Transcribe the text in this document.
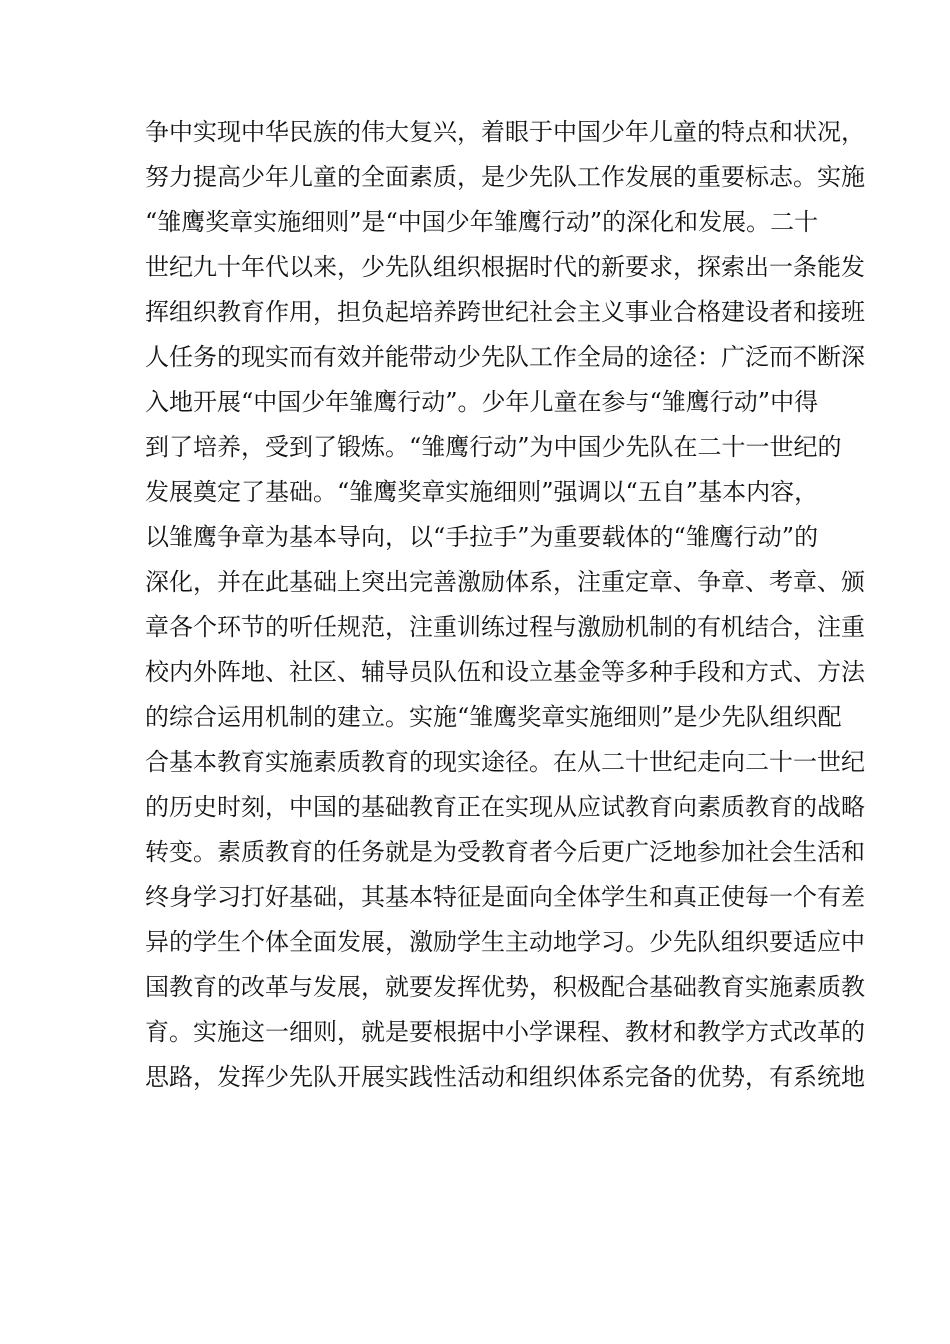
争中实现中华民族的伟大复兴，着眼于中国少年儿童的特点和状况，
努力提高少年儿童的全面素质，是少先队工作发展的重要标志。实施
“雏鹰奖章实施细则”是“中国少年雏鹰行动”的深化和发展。二十
世纪九十年代以来，少先队组织根据时代的新要求，探索出一条能发
挥组织教育作用，担负起培养跨世纪社会主义事业合格建设者和接班
人任务的现实而有效并能带动少先队工作全局的途径：广泛而不断深
入地开展“中国少年雏鹰行动”。少年儿童在参与“雏鹰行动”中得
到了培养，受到了锻炼。“雏鹰行动”为中国少先队在二十一世纪的
发展奠定了基础。“雏鹰奖章实施细则”强调以“五自”基本内容，
以雏鹰争章为基本导向，以“手拉手”为重要载体的“雏鹰行动”的
深化，并在此基础上突出完善激励体系，注重定章、争章、考章、颁
章各个环节的听任规范，注重训练过程与激励机制的有机结合，注重
校内外阵地、社区、辅导员队伍和设立基金等多种手段和方式、方法
的综合运用机制的建立。实施“雏鹰奖章实施细则”是少先队组织配
合基本教育实施素质教育的现实途径。在从二十世纪走向二十一世纪
的历史时刻，中国的基础教育正在实现从应试教育向素质教育的战略
转变。素质教育的任务就是为受教育者今后更广泛地参加社会生活和
终身学习打好基础，其基本特征是面向全体学生和真正使每一个有差
异的学生个体全面发展，激励学生主动地学习。少先队组织要适应中
国教育的改革与发展，就要发挥优势，积极配合基础教育实施素质教
育。实施这一细则，就是要根据中小学课程、教材和教学方式改革的
思路，发挥少先队开展实践性活动和组织体系完备的优势，有系统地
